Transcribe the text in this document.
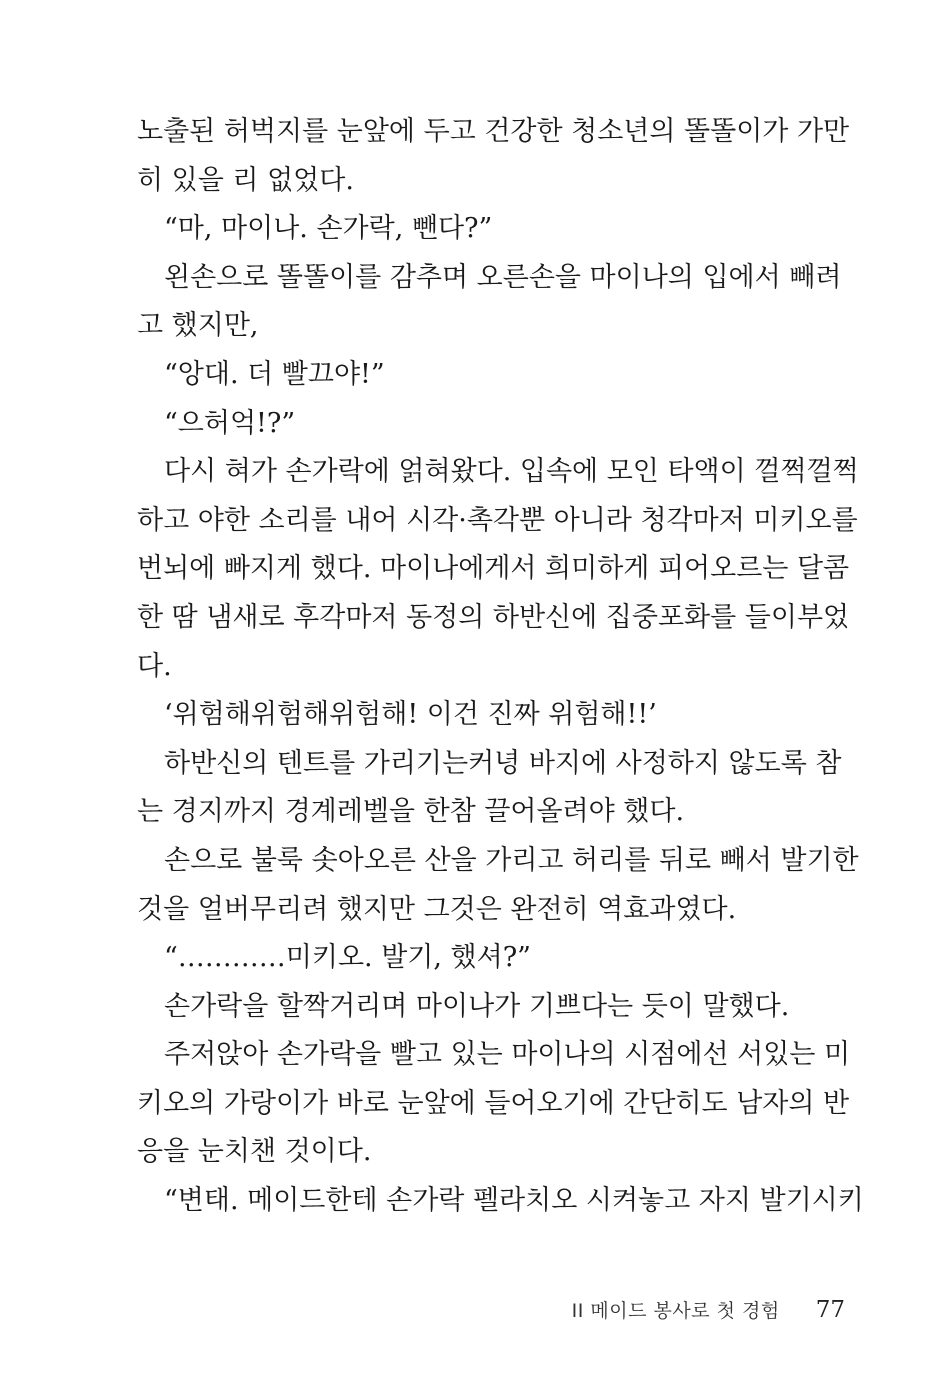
노출된 허벅지를 눈앞에 두고 건강한 청소년의 똘똘이가 가만
히 있을 리 없었다.
“마, 마이나. 손가락, 뺀다?”
왼손으로 똘똘이를 감추며 오른손을 마이나의 입에서 빼려
고 했지만,
“앙대. 더 빨끄야!”
“으허억!?”
다시 혀가 손가락에 얽혀왔다. 입속에 모인 타액이 껄쩍껄쩍
하고 야한 소리를 내어 시각·촉각뿐 아니라 청각마저 미키오를
번뇌에 빠지게 했다. 마이나에게서 희미하게 피어오르는 달콤
한 땀 냄새로 후각마저 동정의 하반신에 집중포화를 들이부었
다.
‘위험해위험해위험해! 이건 진짜 위험해!!’
하반신의 텐트를 가리기는커녕 바지에 사정하지 않도록 참
는 경지까지 경계레벨을 한참 끌어올려야 했다.
손으로 불룩 솟아오른 산을 가리고 허리를 뒤로 빼서 발기한
것을 얼버무리려 했지만 그것은 완전히 역효과였다.
“…………미키오. 발기, 했셔?”
손가락을 할짝거리며 마이나가 기쁘다는 듯이 말했다.
주저앉아 손가락을 빨고 있는 마이나의 시점에선 서있는 미
키오의 가랑이가 바로 눈앞에 들어오기에 간단히도 남자의 반
응을 눈치챈 것이다.
“변태. 메이드한테 손가락 펠라치오 시켜놓고 자지 발기시키
II 메이드 봉사로 첫 경험 77
